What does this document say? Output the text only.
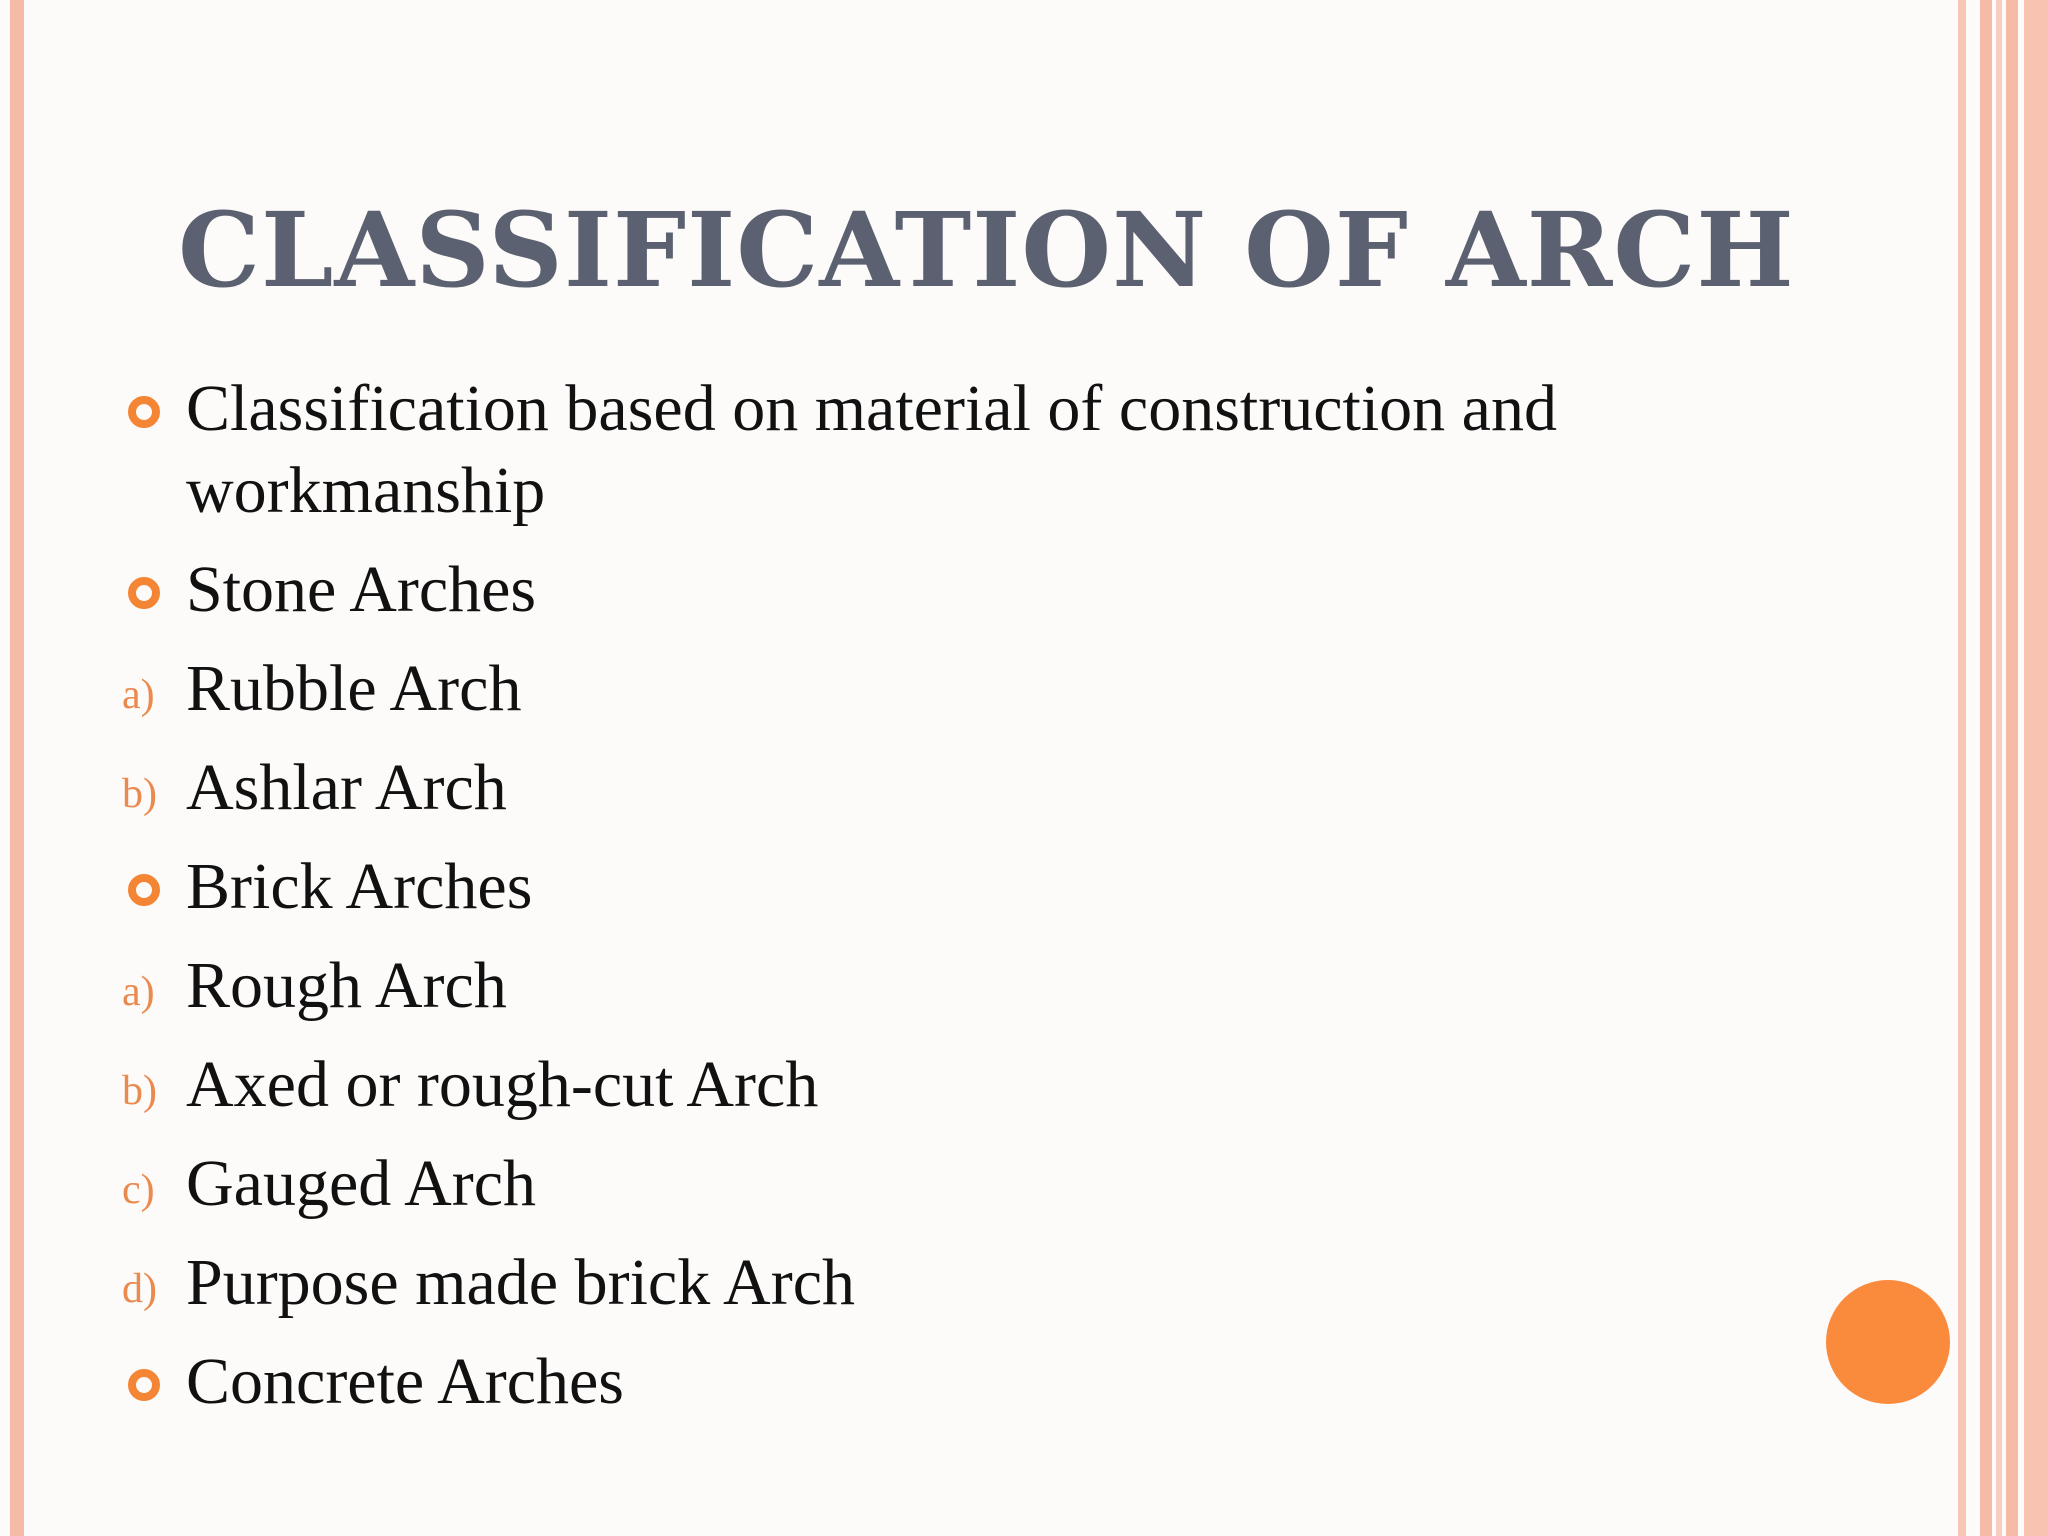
CLASSIFICATION OF ARCH
Classification based on material of construction and workmanship
Stone Arches
a) Rubble Arch
b) Ashlar Arch
Brick Arches
a) Rough Arch
b) Axed or rough-cut Arch
c) Gauged Arch
d) Purpose made brick Arch
Concrete Arches
